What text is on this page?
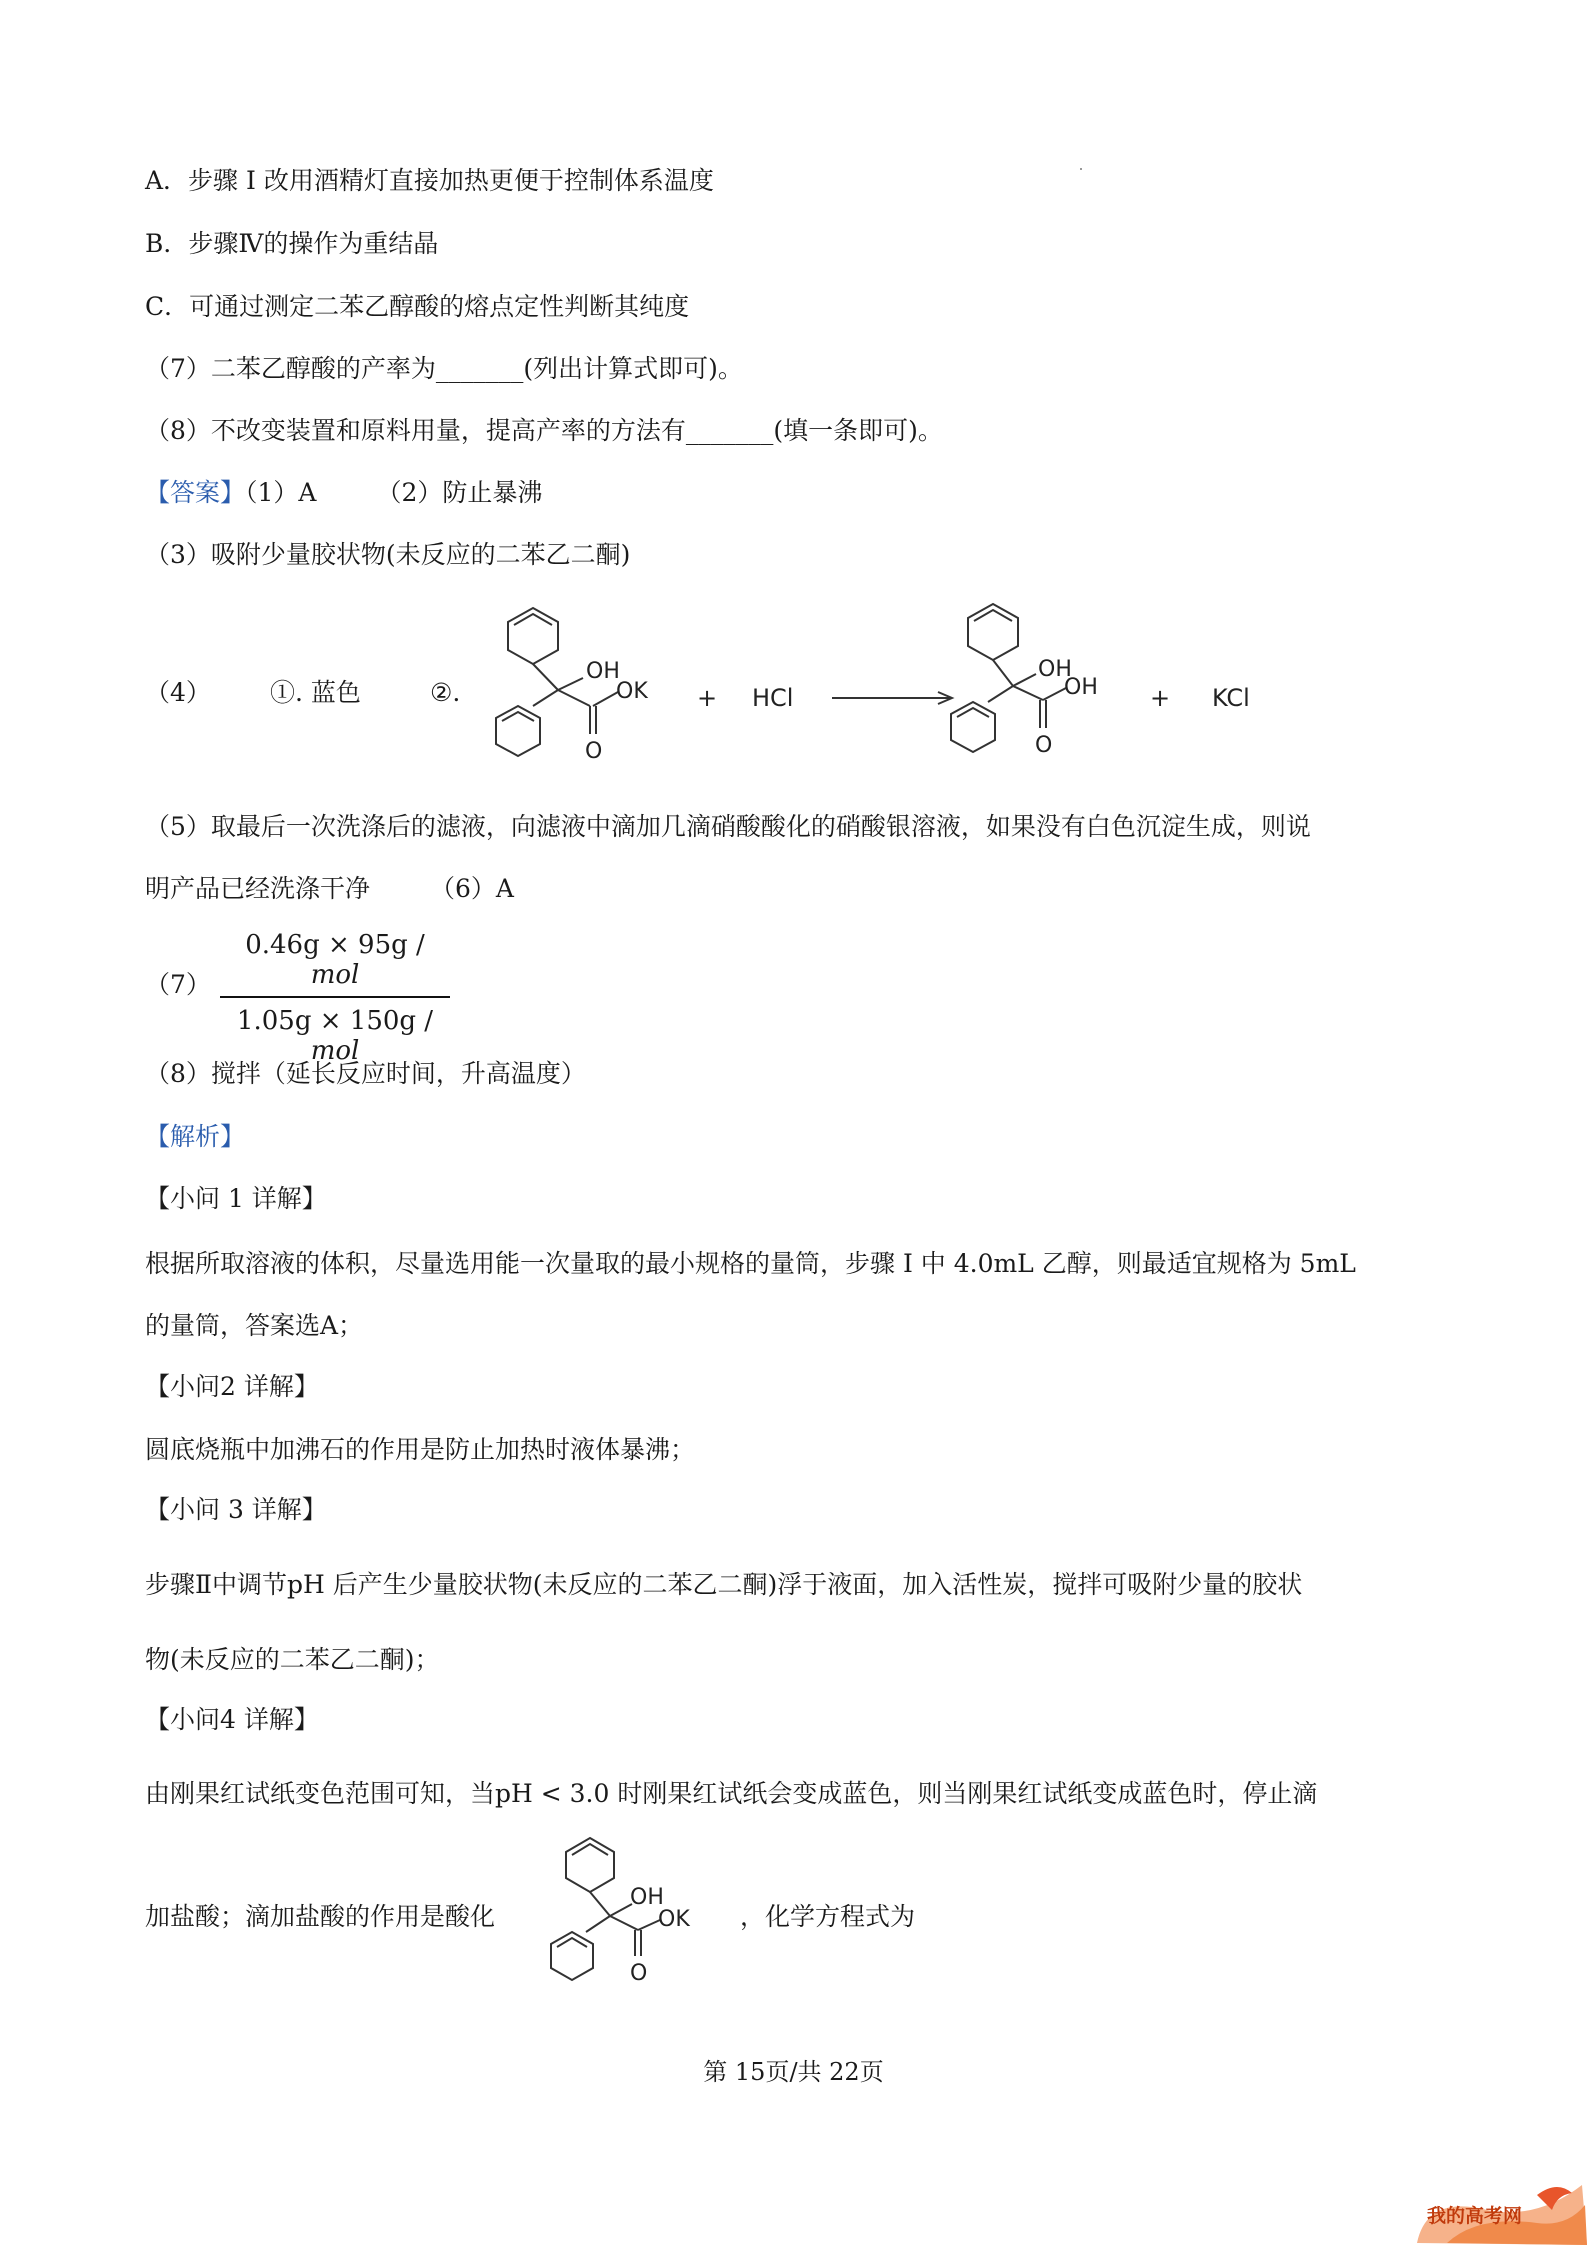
A．步骤 Ⅰ 改用酒精灯直接加热更便于控制体系温度
B．步骤Ⅳ的操作为重结晶
C．可通过测定二苯乙醇酸的熔点定性判断其纯度
（7）二苯乙醇酸的产率为_______(列出计算式即可)。
（8）不改变装置和原料用量，提高产率的方法有_______(填一条即可)。
【答案】（1）A （2）防止暴沸
（3）吸附少量胶状物(未反应的二苯乙二酮)
（4） ①. 蓝色	②.
OH
OK
O
+ HCl
OH
OH
O
+ KCl
（5）取最后一次洗涤后的滤液，向滤液中滴加几滴硝酸酸化的硝酸银溶液，如果没有白色沉淀生成，则说
明产品已经洗涤干净 （6）A
（7）
0.46g × 95g / mol
1.05g × 150g / mol
（8）搅拌（延长反应时间，升高温度）
【解析】
【小问 1 详解】
根据所取溶液的体积，尽量选用能一次量取的最小规格的量筒，步骤 Ⅰ 中 4.0mL 乙醇，则最适宜规格为 5mL
的量筒，答案选A；
【小问2 详解】
圆底烧瓶中加沸石的作用是防止加热时液体暴沸；
【小问 3 详解】
步骤Ⅱ中调节pH 后产生少量胶状物(未反应的二苯乙二酮)浮于液面，加入活性炭，搅拌可吸附少量的胶状
物(未反应的二苯乙二酮)；
【小问4 详解】
由刚果红试纸变色范围可知，当pH < 3.0 时刚果红试纸会变成蓝色，则当刚果红试纸变成蓝色时，停止滴
加盐酸；滴加盐酸的作用是酸化
OH
OK
O
，化学方程式为
第 15页/共 22页
我的高考网
